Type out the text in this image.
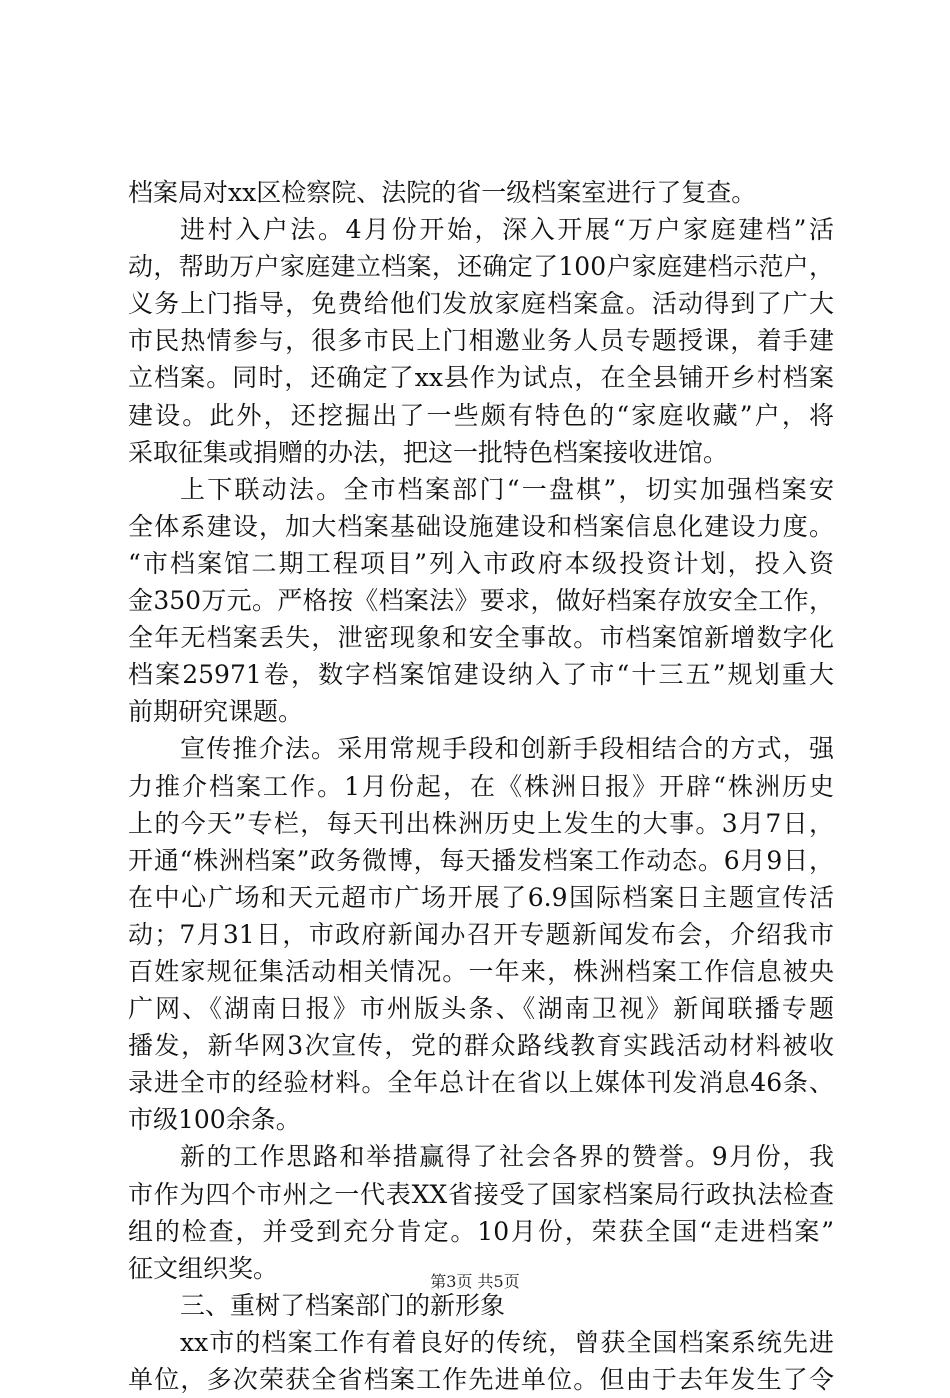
档案局对xx区检察院、法院的省一级档案室进行了复查。
进村入户法。4月份开始，深入开展“万户家庭建档”活
动，帮助万户家庭建立档案，还确定了100户家庭建档示范户，
义务上门指导，免费给他们发放家庭档案盒。活动得到了广大
市民热情参与，很多市民上门相邀业务人员专题授课，着手建
立档案。同时，还确定了xx县作为试点，在全县铺开乡村档案
建设。此外，还挖掘出了一些颇有特色的“家庭收藏”户，将
采取征集或捐赠的办法，把这一批特色档案接收进馆。
上下联动法。全市档案部门“一盘棋”，切实加强档案安
全体系建设，加大档案基础设施建设和档案信息化建设力度。
“市档案馆二期工程项目”列入市政府本级投资计划，投入资
金350万元。严格按《档案法》要求，做好档案存放安全工作，
全年无档案丢失，泄密现象和安全事故。市档案馆新增数字化
档案25971卷，数字档案馆建设纳入了市“十三五”规划重大
前期研究课题。
宣传推介法。采用常规手段和创新手段相结合的方式，强
力推介档案工作。1月份起，在《株洲日报》开辟“株洲历史
上的今天”专栏，每天刊出株洲历史上发生的大事。3月7日，
开通“株洲档案”政务微博，每天播发档案工作动态。6月9日，
在中心广场和天元超市广场开展了6.9国际档案日主题宣传活
动；7月31日，市政府新闻办召开专题新闻发布会，介绍我市
百姓家规征集活动相关情况。一年来，株洲档案工作信息被央
广网、《湖南日报》市州版头条、《湖南卫视》新闻联播专题
播发，新华网3次宣传，党的群众路线教育实践活动材料被收
录进全市的经验材料。全年总计在省以上媒体刊发消息46条、
市级100余条。
新的工作思路和举措赢得了社会各界的赞誉。9月份，我
市作为四个市州之一代表XX省接受了国家档案局行政执法检查
组的检查，并受到充分肯定。10月份，荣获全国“走进档案”
征文组织奖。
三、重树了档案部门的新形象
xx市的档案工作有着良好的传统，曾获全国档案系统先进
单位，多次荣获全省档案工作先进单位。但由于去年发生了令
第3页 共5页
